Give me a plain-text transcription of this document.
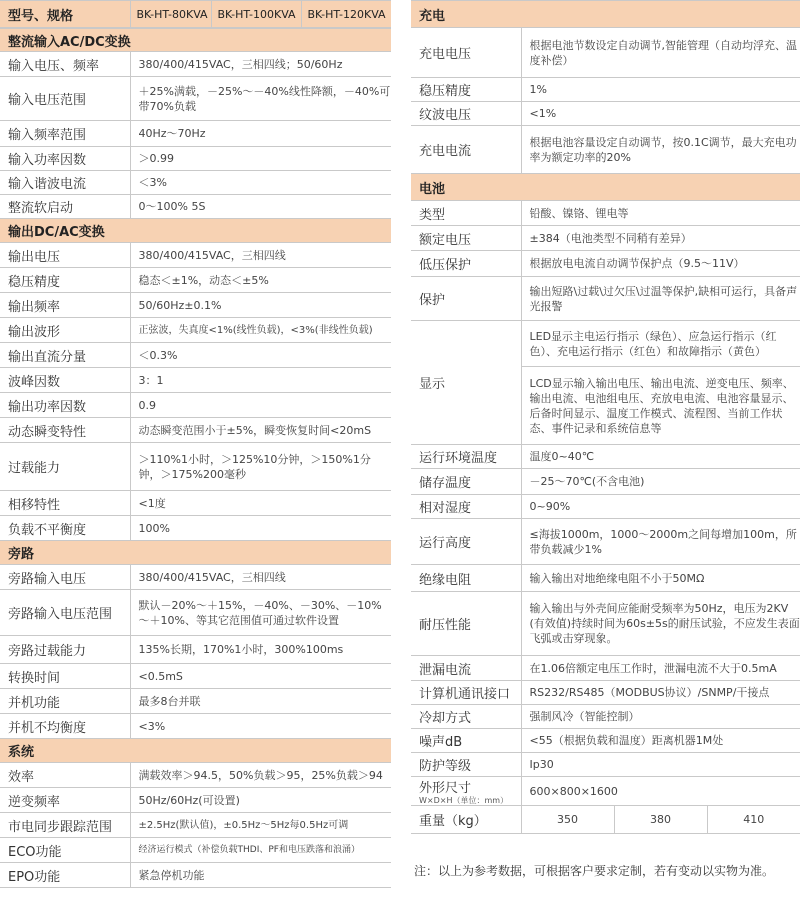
型号、规格	BK-HT-80KVA	BK-HT-100KVA	BK-HT-120KVA
整流输入AC/DC变换	
输入电压、频率	380/400/415VAC，三相四线；50/60Hz
输入电压范围	＋25%满载，－25%～－40%线性降额，－40%可带70%负载
输入频率范围	40Hz～70Hz
输入功率因数	＞0.99
输入谐波电流	＜3%
整流软启动	0～100% 5S
输出DC/AC变换	
输出电压	380/400/415VAC，三相四线
稳压精度	稳态＜±1%，动态＜±5%
输出频率	50/60Hz±0.1%
输出波形	正弦波，失真度<1%(线性负载)，<3%(非线性负载)
输出直流分量	＜0.3%
波峰因数	3：1
输出功率因数	0.9
动态瞬变特性	动态瞬变范围小于±5%，瞬变恢复时间<20mS
过载能力	＞110%1小时，＞125%10分钟，＞150%1分钟，＞175%200毫秒
相移特性	<1度
负载不平衡度	100%
旁路	
旁路输入电压	380/400/415VAC，三相四线
旁路输入电压范围	默认－20%～＋15%，－40%、－30%、－10%～＋10%、等其它范围值可通过软件设置
旁路过载能力	135%长期，170%1小时，300%100ms
转换时间	<0.5mS
并机功能	最多8台并联
并机不均衡度	<3%
系统	
效率	满载效率＞94.5，50%负载＞95，25%负载＞94
逆变频率	50Hz/60Hz(可设置)
市电同步跟踪范围	±2.5Hz(默认值)，±0.5Hz～5Hz每0.5Hz可调
ECO功能	经济运行模式（补偿负载THDI、PF和电压跌落和浪涌）
EPO功能	紧急停机功能
充电	
充电电压	根据电池节数设定自动调节,智能管理（自动均浮充、温度补偿）
稳压精度	1%
纹波电压	<1%
充电电流	根据电池容量设定自动调节，按0.1C调节，最大充电功率为额定功率的20%
电池	
类型	铅酸、镍铬、锂电等
额定电压	±384（电池类型不同稍有差异）
低压保护	根据放电电流自动调节保护点（9.5～11V）
保护	输出短路\过载\过欠压\过温等保护,缺相可运行，具备声光报警
显示	LED显示主电运行指示（绿色）、应急运行指示（红色）、充电运行指示（红色）和故障指示（黄色）
	LCD显示输入输出电压、输出电流、逆变电压、频率、输出电流、电池组电压、充放电电流、电池容量显示、后备时间显示、温度工作模式、流程图、当前工作状态、事件记录和系统信息等
运行环境温度	温度0~40℃
储存温度	－25～70℃(不含电池)
相对湿度	0~90%
运行高度	≤海拔1000m，1000～2000m之间每增加100m，所带负载减少1%
绝缘电阻	输入输出对地绝缘电阻不小于50MΩ
耐压性能	输入输出与外壳间应能耐受频率为50Hz，电压为2KV (有效值)持续时间为60s±5s的耐压试验，不应发生表面飞弧或击穿现象。
泄漏电流	在1.06倍额定电压工作时，泄漏电流不大于0.5mA
计算机通讯接口	RS232/RS485（MODBUS协议）/SNMP/干接点
冷却方式	强制风冷（智能控制）
噪声dB	<55（根据负载和温度）距离机器1M处
防护等级	Ip30
外形尺寸
W×D×H（单位：mm）	600×800×1600
重量（kg）	350	380	410
注：以上为参考数据，可根据客户要求定制，若有变动以实物为准。
